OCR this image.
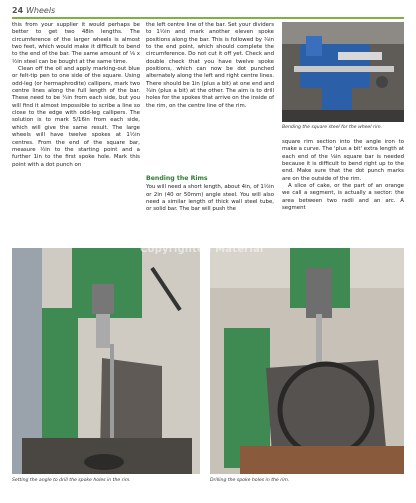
24 Wheels

this from your supplier it would perhaps be better to get two 48in lengths. The circumference of the larger wheels is almost two feet, which would make it difficult to bend to the end of the bar. The same amount of ⅛ x ½in steel can be bought at the same time.

Clean off the oil and apply marking-out blue or felt-tip pen to one side of the square. Using odd-leg (or hermaphrodite) callipers, mark two centre lines along the full length of the bar. These need to be ¼in from each side, but you will find it almost impossible to scribe a line so close to the edge with odd-leg callipers. The solution is to mark 5/16in from each side, which will give the same result. The large wheels will have twelve spokes at 1½in centres. From the end of the square bar, measure ½in to the starting point and a further 1in to the first spoke hole. Mark this point with a dot punch on

the left centre line of the bar. Set your dividers to 1½in and mark another eleven spoke positions along the bar. This is followed by ¾in to the end point, which should complete the circumference. Do not cut it off yet. Check and double check that you have twelve spoke positions, which can now be dot punched alternately along the left and right centre lines. There should be 1in (plus a bit) at one end and ¾in (plus a bit) at the other. The aim is to drill holes for the spokes that arrive on the inside of the rim, on the centre line of the rim.

Bending the Rims

You will need a short length, about 4in, of 1½in or 2in (40 or 50mm) angle steel. You will also need a similar length of thick wall steel tube, or solid bar. The bar will push the

Bending the square steel for the wheel rim.

square rim section into the angle iron to make a curve. The 'plus a bit' extra length at each end of the ⅛in square bar is needed because it is difficult to bend right up to the end. Make sure that the dot punch marks are on the outside of the rim.

A slice of cake, or the part of an orange we call a segment, is actually a sector: the area between two radii and an arc. A segment

Copyrighted Material
Setting the angle to drill the spoke holes in the rim.	Drilling the spoke holes in the rim.
